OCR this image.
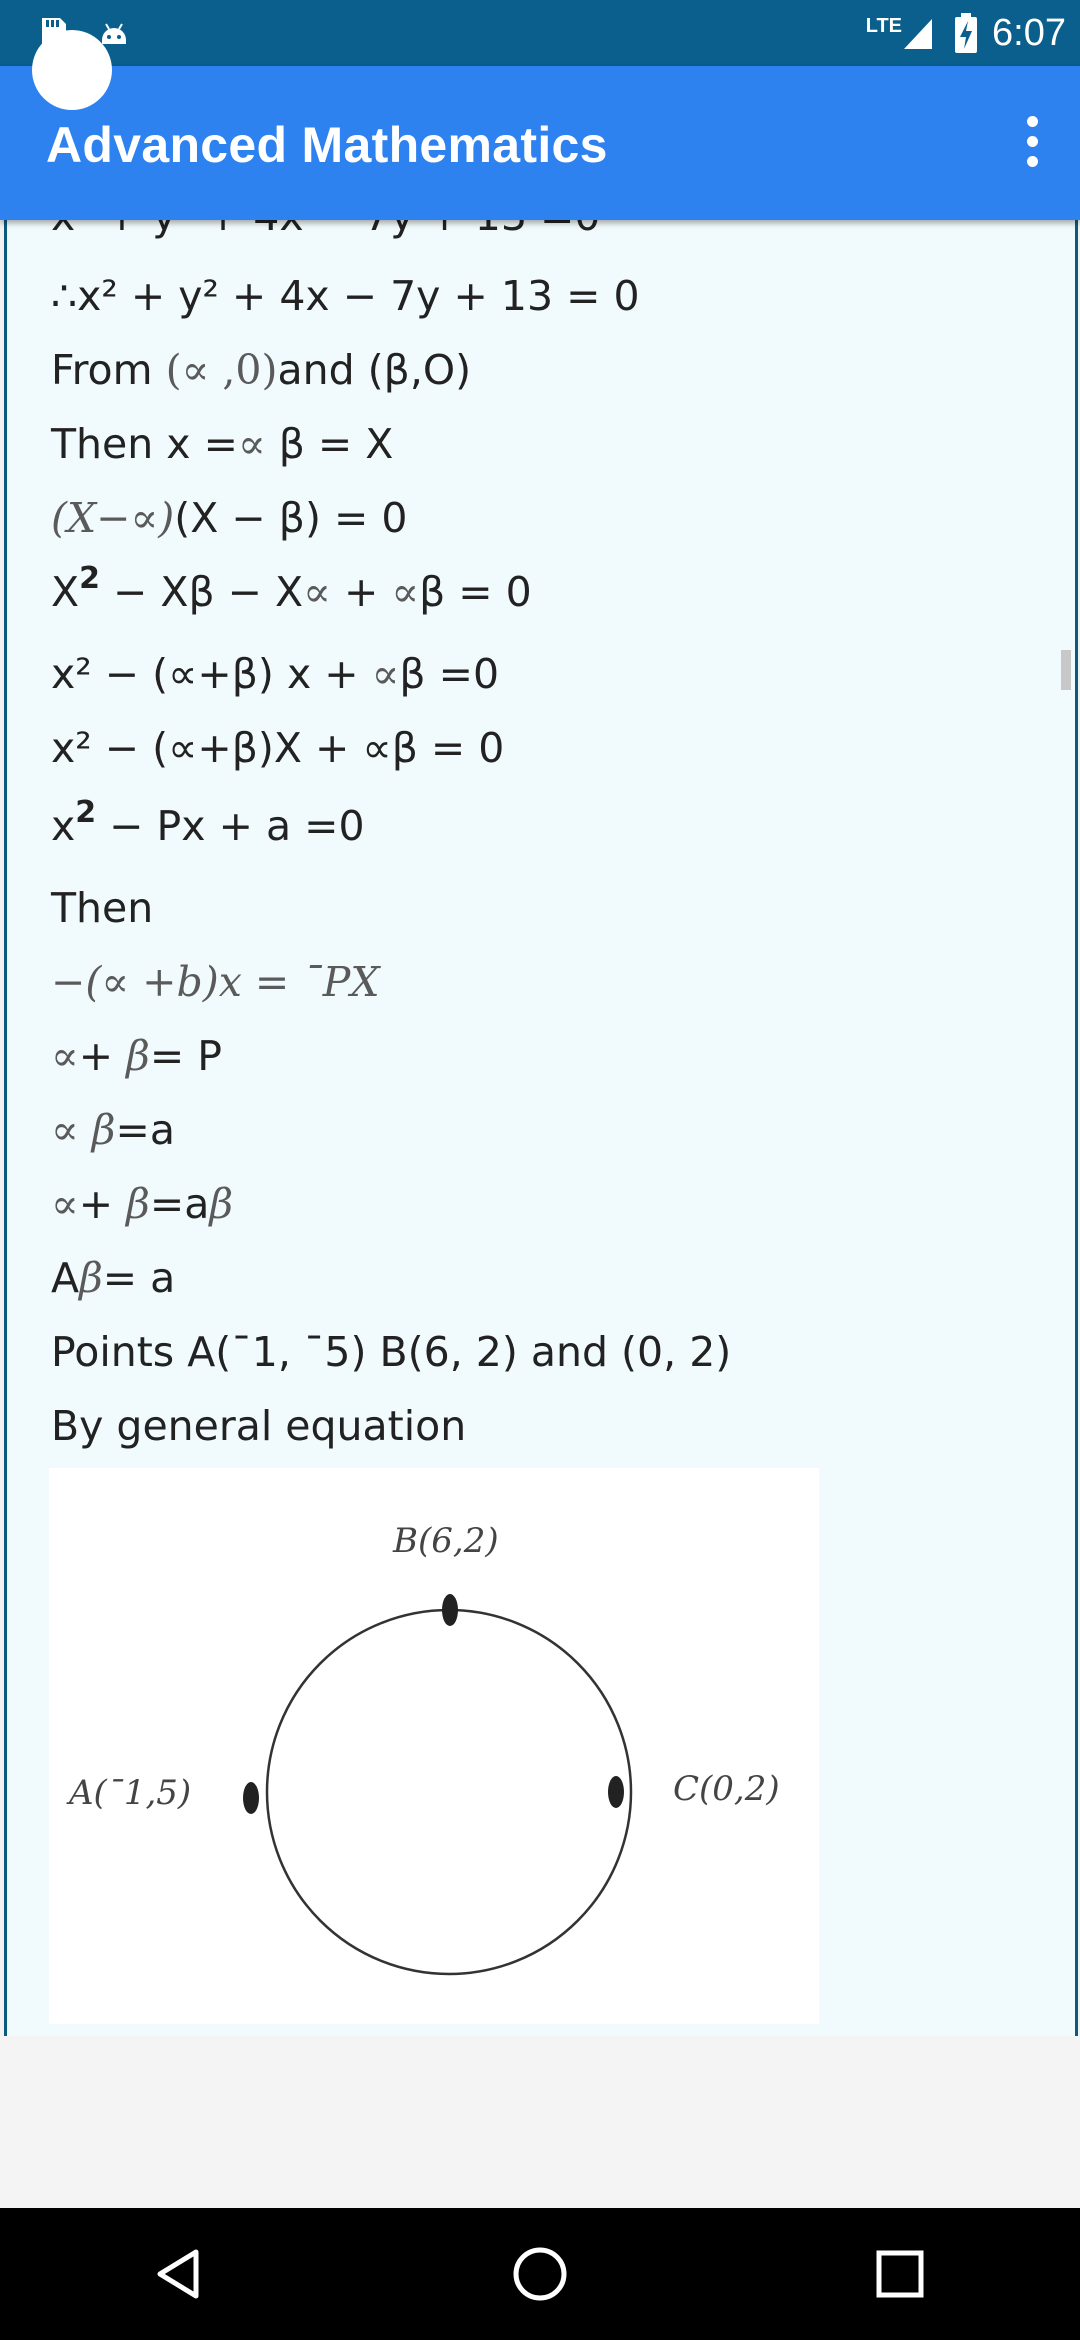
LTE 6:07
Advanced Mathematics
∴x² + y² + 4x − 7y + 13 = 0
From (∝ ,0)and (β,O)
Then x =∝ β = X
(X−∝)(X − β) = 0
$X^2 - X\beta - X\propto + \propto\beta = 0$
x² − (∝+β) x + ∝β =0
x² − (∝+β)X + ∝β = 0
$x^2 - Px + a =0$
Then
−(∝ +b)x = ¯PX
∝+ β= P
∝ β=a
∝+ β=aβ
Aβ= a
Points A(¯1, ¯5) B(6, 2) and (0, 2)
By general equation
B(6,2)
A(¯1,5)	C(0,2)
